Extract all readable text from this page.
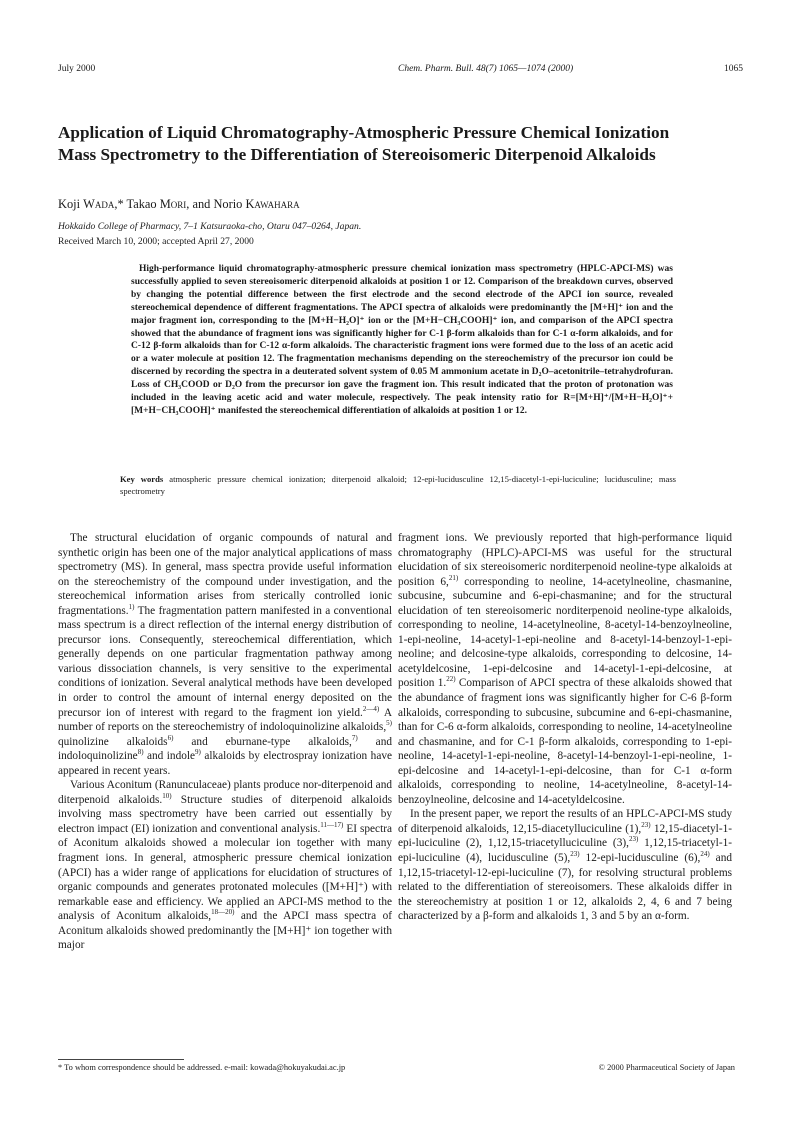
July 2000	Chem. Pharm. Bull. 48(7) 1065—1074 (2000)	1065
Application of Liquid Chromatography-Atmospheric Pressure Chemical Ionization Mass Spectrometry to the Differentiation of Stereoisomeric Diterpenoid Alkaloids
Koji Wada,* Takao Mori, and Norio Kawahara
Hokkaido College of Pharmacy, 7–1 Katsuraoka-cho, Otaru 047–0264, Japan.
Received March 10, 2000; accepted April 27, 2000

High-performance liquid chromatography-atmospheric pressure chemical ionization mass spectrometry (HPLC-APCI-MS) was successfully applied to seven stereoisomeric diterpenoid alkaloids at position 1 or 12. Comparison of the breakdown curves, observed by changing the potential difference between the first electrode and the second electrode of the APCI ion source, revealed stereochemical dependence of different fragmentations. The APCI spectra of alkaloids were predominantly the [M+H]⁺ ion and the major fragment ion, corresponding to the [M+H−H₂O]⁺ ion or the [M+H−CH₃COOH]⁺ ion, and comparison of the APCI spectra showed that the abundance of fragment ions was significantly higher for C-1 β-form alkaloids than for C-1 α-form alkaloids, and for C-12 β-form alkaloids than for C-12 α-form alkaloids. The characteristic fragment ions were formed due to the loss of an acetic acid or a water molecule at position 12. The fragmentation mechanisms depending on the stereochemistry of the precursor ion could be discerned by recording the spectra in a deuterated solvent system of 0.05 M ammonium acetate in D₂O–acetonitrile–tetrahydrofuran. Loss of CH₃COOD or D₂O from the precursor ion gave the fragment ion. This result indicated that the proton of protonation was included in the leaving acetic acid and water molecule, respectively. The peak intensity ratio for R=[M+H]⁺/[M+H−H₂O]⁺+[M+H−CH₃COOH]⁺ manifested the stereochemical differentiation of alkaloids at position 1 or 12.

Key words atmospheric pressure chemical ionization; diterpenoid alkaloid; 12-epi-lucidusculine 12,15-diacetyl-1-epi-luciculine; lucidusculine; mass spectrometry

The structural elucidation of organic compounds of natural and synthetic origin has been one of the major analytical applications of mass spectrometry (MS). In general, mass spectra provide useful information on the stereochemistry of the compound under investigation, and the stereochemical information arises from sterically controlled ionic fragmentations.$^{1)}$ The fragmentation pattern manifested in a conventional mass spectrum is a direct reflection of the internal energy distribution of precursor ions. Consequently, stereochemical differentiation, which generally depends on one particular fragmentation pathway among various dissociation channels, is very sensitive to the experimental conditions of ionization. Several analytical methods have been developed in order to control the amount of internal energy deposited on the precursor ion of interest with regard to the fragment ion yield.$^{2—4)}$ A number of reports on the stereochemistry of indoloquinolizine alkaloids,$^{5)}$ quinolizine alkaloids$^{6)}$ and eburnane-type alkaloids,$^{7)}$ and indoloquinolizine$^{8)}$ and indole$^{9)}$ alkaloids by electrospray ionization have appeared in recent years.

Various Aconitum (Ranunculaceae) plants produce nor-diterpenoid and diterpenoid alkaloids.$^{10)}$ Structure studies of diterpenoid alkaloids involving mass spectrometry have been carried out essentially by electron impact (EI) ionization and conventional analysis.$^{11—17)}$ EI spectra of Aconitum alkaloids showed a molecular ion together with many fragment ions. In general, atmospheric pressure chemical ionization (APCI) has a wider range of applications for elucidation of structures of organic compounds and generates protonated molecules ([M+H]⁺) with remarkable ease and efficiency. We applied an APCI-MS method to the analysis of Aconitum alkaloids,$^{18—20)}$ and the APCI mass spectra of Aconitum alkaloids showed predominantly the [M+H]⁺ ion together with major

fragment ions. We previously reported that high-performance liquid chromatography (HPLC)-APCI-MS was useful for the structural elucidation of six stereoisomeric norditerpenoid neoline-type alkaloids at position 6,$^{21)}$ corresponding to neoline, 14-acetylneoline, chasmanine, subcusine, subcumine and 6-epi-chasmanine; and for the structural elucidation of ten stereoisomeric norditerpenoid neoline-type alkaloids, corresponding to neoline, 14-acetylneoline, 8-acetyl-14-benzoylneoline, 1-epi-neoline, 14-acetyl-1-epi-neoline and 8-acetyl-14-benzoyl-1-epi-neoline; and delcosine-type alkaloids, corresponding to delcosine, 14-acetyldelcosine, 1-epi-delcosine and 14-acetyl-1-epi-delcosine, at position 1.$^{22)}$ Comparison of APCI spectra of these alkaloids showed that the abundance of fragment ions was significantly higher for C-6 β-form alkaloids, corresponding to subcusine, subcumine and 6-epi-chasmanine, than for C-6 α-form alkaloids, corresponding to neoline, 14-acetylneoline and chasmanine, and for C-1 β-form alkaloids, corresponding to 1-epi-neoline, 14-acetyl-1-epi-neoline, 8-acetyl-14-benzoyl-1-epi-neoline, 1-epi-delcosine and 14-acetyl-1-epi-delcosine, than for C-1 α-form alkaloids, corresponding to neoline, 14-acetylneoline, 8-acetyl-14-benzoylneoline, delcosine and 14-acetyldelcosine.

In the present paper, we report the results of an HPLC-APCI-MS study of diterpenoid alkaloids, 12,15-diacetylluciculine (1),$^{23)}$ 12,15-diacetyl-1-epi-luciculine (2), 1,12,15-triacetylluciculine (3),$^{23)}$ 1,12,15-triacetyl-1-epi-luciculine (4), lucidusculine (5),$^{23)}$ 12-epi-lucidusculine (6),$^{24)}$ and 1,12,15-triacetyl-12-epi-luciculine (7), for resolving structural problems related to the differentiation of stereoisomers. These alkaloids differ in the stereochemistry at position 1 or 12, alkaloids 2, 4, 6 and 7 being characterized by a β-form and alkaloids 1, 3 and 5 by an α-form.

* To whom correspondence should be addressed. e-mail: kowada@hokuyakudai.ac.jp	© 2000 Pharmaceutical Society of Japan
